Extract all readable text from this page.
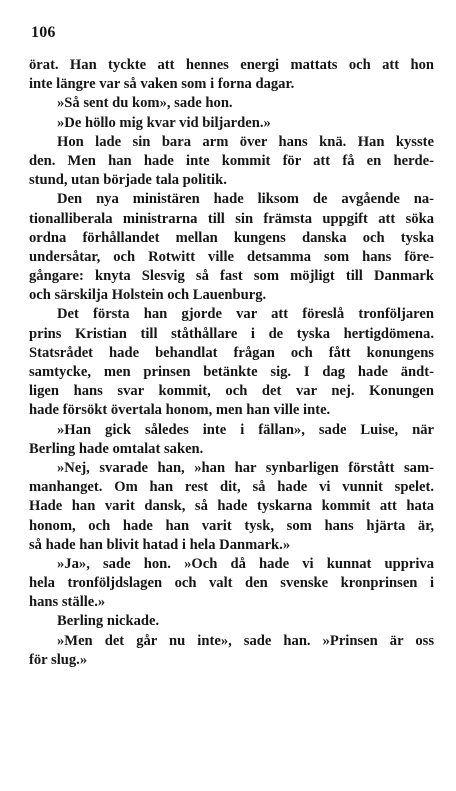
106
örat. Han tyckte att hennes energi mattats och att hon
inte längre var så vaken som i forna dagar.
»Så sent du kom», sade hon.
»De höllo mig kvar vid biljarden.»
Hon lade sin bara arm över hans knä. Han kysste
den. Men han hade inte kommit för att få en herde-
stund, utan började tala politik.
Den nya ministären hade liksom de avgående na-
tionalliberala ministrarna till sin främsta uppgift att söka
ordna förhållandet mellan kungens danska och tyska
undersåtar, och Rotwitt ville detsamma som hans före-
gångare: knyta Slesvig så fast som möjligt till Danmark
och särskilja Holstein och Lauenburg.
Det första han gjorde var att föreslå tronföljaren
prins Kristian till ståthållare i de tyska hertigdömena.
Statsrådet hade behandlat frågan och fått konungens
samtycke, men prinsen betänkte sig. I dag hade ändt-
ligen hans svar kommit, och det var nej. Konungen
hade försökt övertala honom, men han ville inte.
»Han gick således inte i fällan», sade Luise, när
Berling hade omtalat saken.
»Nej, svarade han, »han har synbarligen förstått sam-
manhanget. Om han rest dit, så hade vi vunnit spelet.
Hade han varit dansk, så hade tyskarna kommit att hata
honom, och hade han varit tysk, som hans hjärta är,
så hade han blivit hatad i hela Danmark.»
»Ja», sade hon. »Och då hade vi kunnat uppriva
hela tronföljdslagen och valt den svenske kronprinsen i
hans ställe.»
Berling nickade.
»Men det går nu inte», sade han. »Prinsen är oss
för slug.»
